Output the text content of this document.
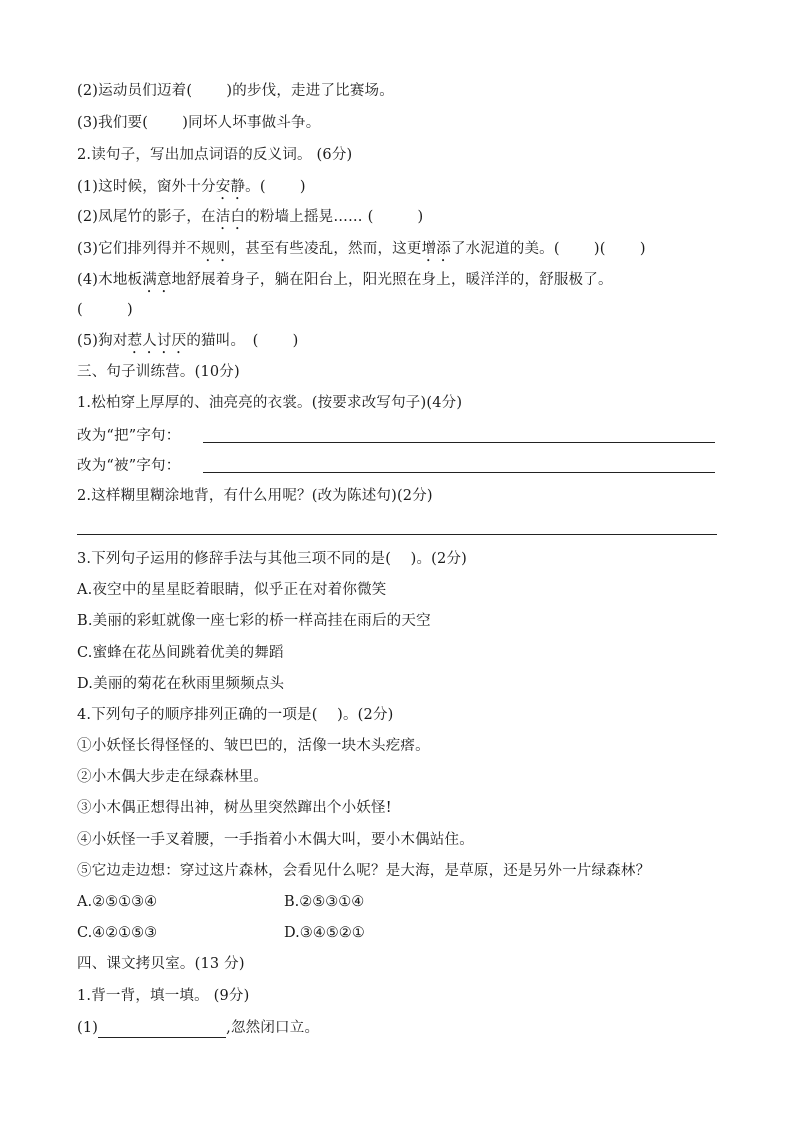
(2)运动员们迈着(　　 )的步伐，走进了比赛场。
(3)我们要(　　 )同坏人坏事做斗争。
2.读句子，写出加点词语的反义词。 (6分)
(1)这时候，窗外十分安静。(　　 )
(2)凤尾竹的影子，在洁白的粉墙上摇晃…… (　　　)
(3)它们排列得并不规则，甚至有些凌乱，然而，这更增添了水泥道的美。(　　 )(　　 )
(4)木地板满意地舒展着身子，躺在阳台上，阳光照在身上，暖洋洋的，舒服极了。
(　　　)
(5)狗对惹人讨厌的猫叫。　(　　 )
三、句子训练营。(10分)
1.松柏穿上厚厚的、油亮亮的衣裳。(按要求改写句子)(4分)
改为“把”字句：
改为“被”字句：
2.这样糊里糊涂地背，有什么用呢？(改为陈述句)(2分)
3.下列句子运用的修辞手法与其他三项不同的是(　 )。(2分)
A.夜空中的星星眨着眼睛，似乎正在对着你微笑
B.美丽的彩虹就像一座七彩的桥一样高挂在雨后的天空
C.蜜蜂在花丛间跳着优美的舞蹈
D.美丽的菊花在秋雨里频频点头
4.下列句子的顺序排列正确的一项是(　 )。(2分)
①小妖怪长得怪怪的、皱巴巴的，活像一块木头疙瘩。
②小木偶大步走在绿森林里。
③小木偶正想得出神，树丛里突然蹿出个小妖怪!
④小妖怪一手叉着腰，一手指着小木偶大叫，要小木偶站住。
⑤它边走边想：穿过这片森林，会看见什么呢？是大海，是草原，还是另外一片绿森林？
A.②⑤①③④	B.②⑤③①④
C.④②①⑤③	D.③④⑤②①
四、课文拷贝室。(13 分)
1.背一背，填一填。 (9分)
(1)	,忽然闭口立。
